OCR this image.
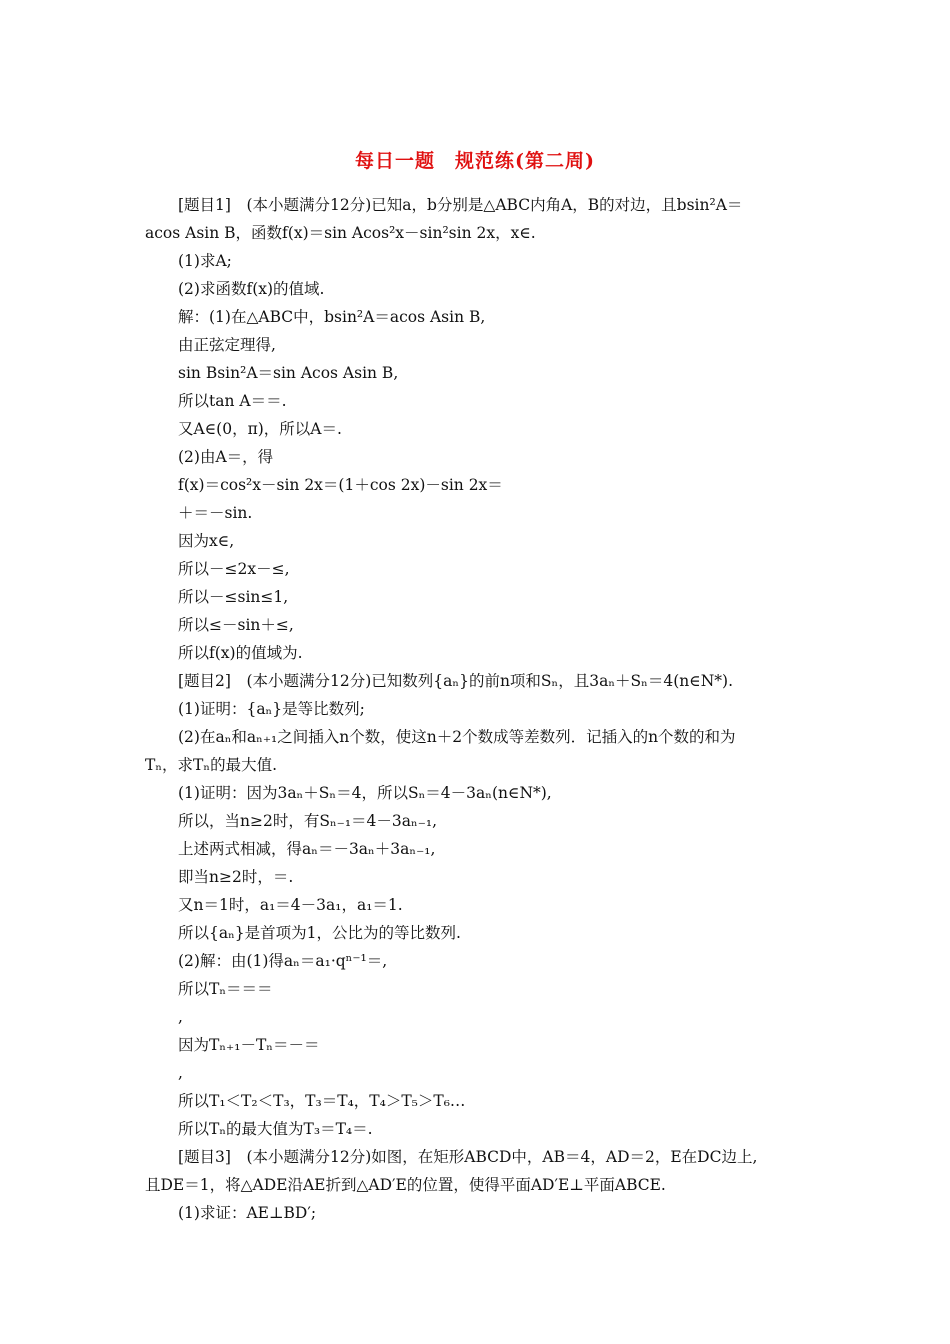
每日一题　规范练(第二周)
[题目1]　(本小题满分12分)已知a，b分别是△ABC内角A，B的对边，且bsin²A＝
acos Asin B，函数f(x)＝sin Acos²x－sin²sin 2x，x∈.
(1)求A;
(2)求函数f(x)的值域.
解：(1)在△ABC中，bsin²A＝acos Asin B,
由正弦定理得,
sin Bsin²A＝sin Acos Asin B,
所以tan A＝＝.
又A∈(0，π)，所以A＝.
(2)由A＝，得
f(x)＝cos²x－sin 2x＝(1＋cos 2x)－sin 2x＝
＋＝－sin.
因为x∈,
所以－≤2x－≤,
所以－≤sin≤1,
所以≤－sin＋≤,
所以f(x)的值域为.
[题目2]　(本小题满分12分)已知数列{aₙ}的前n项和Sₙ，且3aₙ＋Sₙ＝4(n∈N*).
(1)证明：{aₙ}是等比数列;
(2)在aₙ和aₙ₊₁之间插入n个数，使这n＋2个数成等差数列．记插入的n个数的和为
Tₙ，求Tₙ的最大值.
(1)证明：因为3aₙ＋Sₙ＝4，所以Sₙ＝4－3aₙ(n∈N*),
所以，当n≥2时，有Sₙ₋₁＝4－3aₙ₋₁,
上述两式相减，得aₙ＝－3aₙ＋3aₙ₋₁,
即当n≥2时，＝.
又n＝1时，a₁＝4－3a₁，a₁＝1.
所以{aₙ}是首项为1，公比为的等比数列.
(2)解：由(1)得aₙ＝a₁·qⁿ⁻¹＝,
所以Tₙ＝＝＝
,
因为Tₙ₊₁－Tₙ＝－＝
,
所以T₁＜T₂＜T₃，T₃＝T₄，T₄＞T₅＞T₆…
所以Tₙ的最大值为T₃＝T₄＝.
[题目3]　(本小题满分12分)如图，在矩形ABCD中，AB＝4，AD＝2，E在DC边上,
且DE＝1，将△ADE沿AE折到△AD′E的位置，使得平面AD′E⊥平面ABCE.
(1)求证：AE⊥BD′;
